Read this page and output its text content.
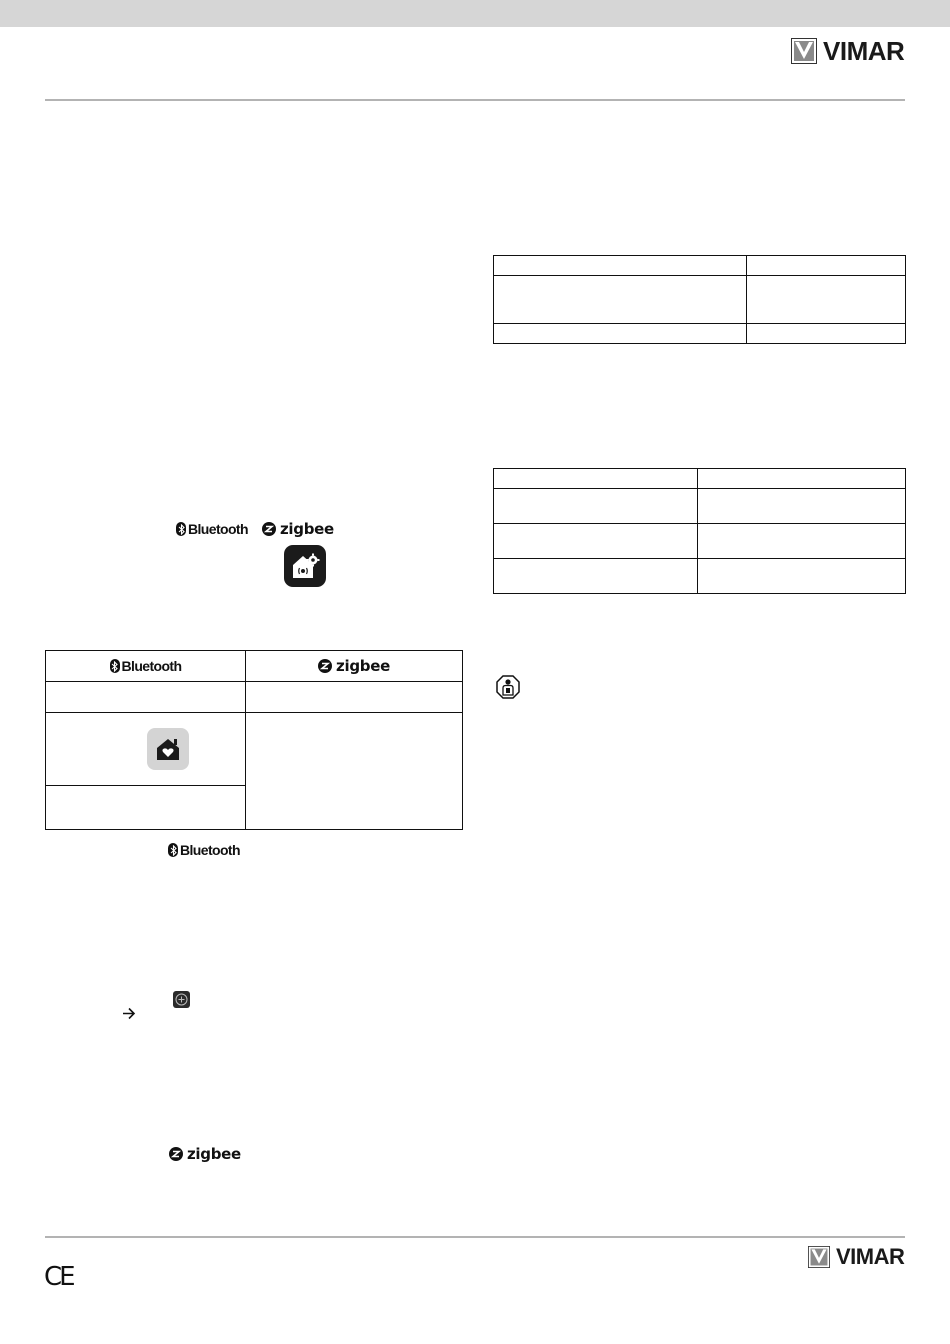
VIMAR

Bluetooth zigbee
Bluetooth	zigbee

Bluetooth
zigbee
CE
VIMAR
